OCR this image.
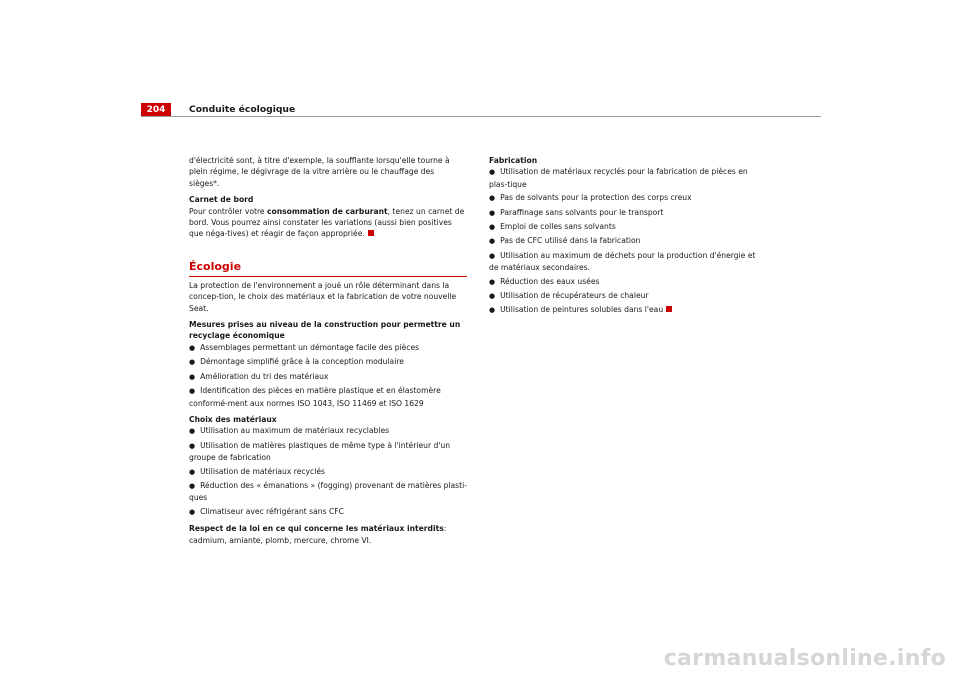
204	Conduite écologique

d'électricité sont, à titre d'exemple, la soufflante lorsqu'elle tourne à plein régime, le dégivrage de la vitre arrière ou le chauffage des sièges*.

Carnet de bord

Pour contrôler votre consommation de carburant, tenez un carnet de bord. Vous pourrez ainsi constater les variations (aussi bien positives que néga-tives) et réagir de façon appropriée.

Écologie

La protection de l'environnement a joué un rôle déterminant dans la concep-tion, le choix des matériaux et la fabrication de votre nouvelle Seat.

Mesures prises au niveau de la construction pour permettre un recyclage économique

● Assemblages permettant un démontage facile des pièces
● Démontage simplifié grâce à la conception modulaire
● Amélioration du tri des matériaux
● Identification des pièces en matière plastique et en élastomère conformé-ment aux normes ISO 1043, ISO 11469 et ISO 1629

Choix des matériaux

● Utilisation au maximum de matériaux recyclables
● Utilisation de matières plastiques de même type à l'intérieur d'un groupe de fabrication
● Utilisation de matériaux recyclés
● Réduction des « émanations » (fogging) provenant de matières plasti-ques
● Climatiseur avec réfrigérant sans CFC

Respect de la loi en ce qui concerne les matériaux interdits: cadmium, amiante, plomb, mercure, chrome VI.

Fabrication

● Utilisation de matériaux recyclés pour la fabrication de pièces en plas-tique
● Pas de solvants pour la protection des corps creux
● Paraffinage sans solvants pour le transport
● Emploi de colles sans solvants
● Pas de CFC utilisé dans la fabrication
● Utilisation au maximum de déchets pour la production d'énergie et de matériaux secondaires.
● Réduction des eaux usées
● Utilisation de récupérateurs de chaleur
● Utilisation de peintures solubles dans l'eau
carmanualsonline.info
